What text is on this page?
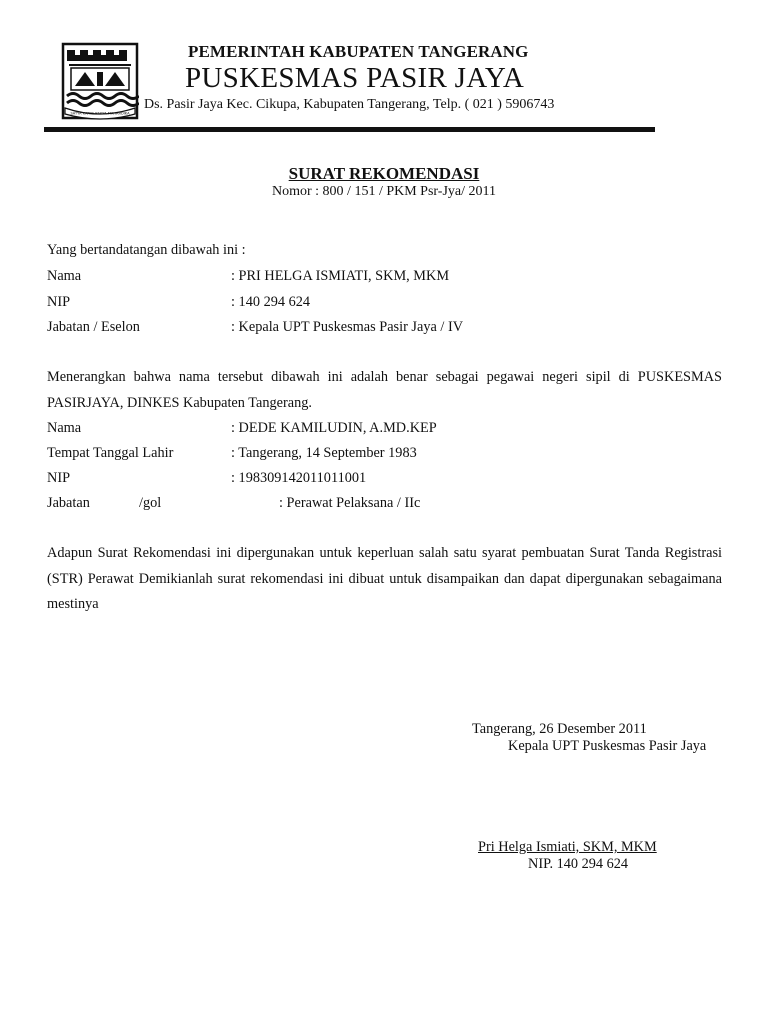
SATYA KARYA RAKYA MAHARDIKA
PEMERINTAH KABUPATEN TANGERANG
PUSKESMAS PASIR JAYA
Ds. Pasir Jaya Kec. Cikupa, Kabupaten Tangerang, Telp. ( 021 ) 5906743
SURAT REKOMENDASI
Nomor : 800 / 151 / PKM Psr-Jya/ 2011
Yang bertandatangan dibawah ini :
Nama	: PRI HELGA ISMIATI, SKM, MKM
NIP	: 140 294 624
Jabatan / Eselon	: Kepala UPT Puskesmas Pasir Jaya / IV
Menerangkan bahwa nama tersebut dibawah ini adalah benar sebagai pegawai negeri sipil di PUSKESMAS PASIRJAYA, DINKES Kabupaten Tangerang.
Nama	: DEDE KAMILUDIN, A.MD.KEP
Tempat Tanggal Lahir	: Tangerang, 14 September 1983
NIP	: 198309142011011001
Jabatan	/gol	: Perawat Pelaksana / IIc
Adapun Surat Rekomendasi ini dipergunakan untuk keperluan salah satu syarat pembuatan Surat Tanda Registrasi (STR) Perawat Demikianlah surat rekomendasi ini dibuat untuk disampaikan dan dapat dipergunakan sebagaimana mestinya
Tangerang, 26 Desember 2011
Kepala UPT Puskesmas Pasir Jaya
Pri Helga Ismiati, SKM, MKM
NIP. 140 294 624
